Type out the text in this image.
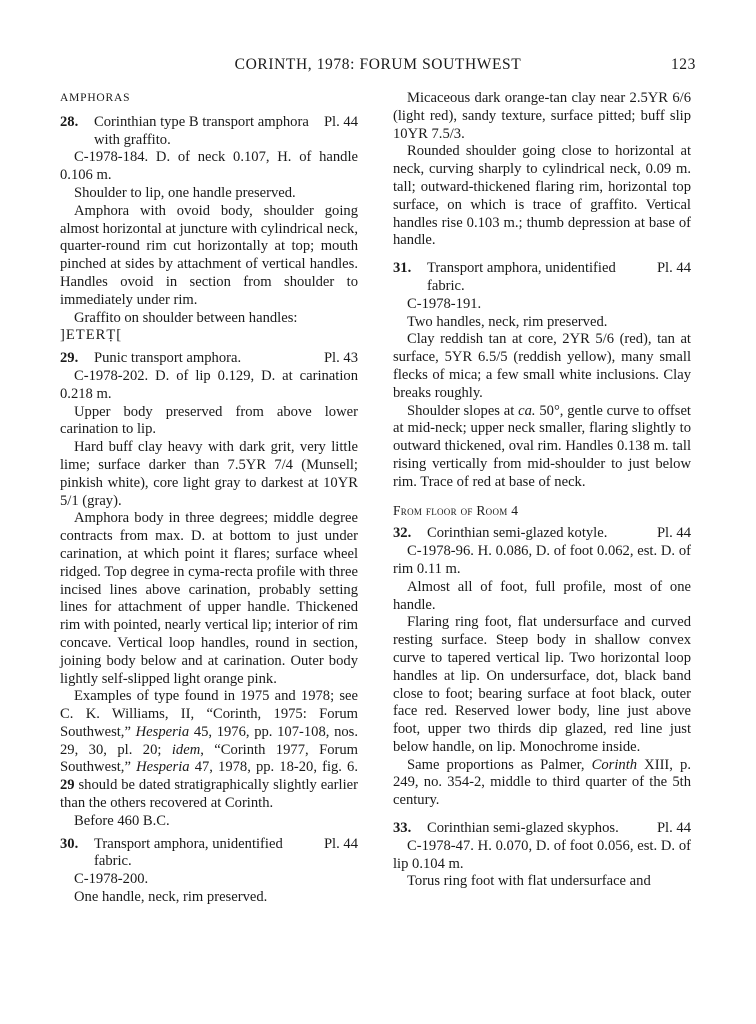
CORINTH, 1978: FORUM SOUTHWEST	123
AMPHORAS
28. Corinthian type B transport amphora with graffito.
Pl. 44

C-1978-184. D. of neck 0.107, H. of handle 0.106 m.

Shoulder to lip, one handle preserved.

Amphora with ovoid body, shoulder going almost horizontal at juncture with cylindrical neck, quarter-round rim cut horizontally at top; mouth pinched at sides by attachment of vertical handles. Handles ovoid in section from shoulder to immediately under rim.

Graffito on shoulder between handles:

]ETERṬ[

29. Punic transport amphora.	Pl. 43

C-1978-202. D. of lip 0.129, D. at carination 0.218 m.

Upper body preserved from above lower carination to lip.

Hard buff clay heavy with dark grit, very little lime; surface darker than 7.5YR 7/4 (Munsell; pinkish white), core light gray to darkest at 10YR 5/1 (gray).

Amphora body in three degrees; middle degree contracts from max. D. at bottom to just under carination, at which point it flares; surface wheel ridged. Top degree in cyma-recta profile with three incised lines above carination, probably setting lines for attachment of upper handle. Thickened rim with pointed, nearly vertical lip; interior of rim concave. Vertical loop handles, round in section, joining body below and at carination. Outer body lightly self-slipped light orange pink.

Examples of type found in 1975 and 1978; see C. K. Williams, II, “Corinth, 1975: Forum Southwest,” Hesperia 45, 1976, pp. 107-108, nos. 29, 30, pl. 20; idem, “Corinth 1977, Forum Southwest,” Hesperia 47, 1978, pp. 18-20, fig. 6. 29 should be dated stratigraphically slightly earlier than the others recovered at Corinth.

Before 460 B.C.

30. Transport amphora, unidentified fabric.
Pl. 44

C-1978-200.

One handle, neck, rim preserved.

Micaceous dark orange-tan clay near 2.5YR 6/6 (light red), sandy texture, surface pitted; buff slip 10YR 7.5/3.

Rounded shoulder going close to horizontal at neck, curving sharply to cylindrical neck, 0.09 m. tall; outward-thickened flaring rim, horizontal top surface, on which is trace of graffito. Vertical handles rise 0.103 m.; thumb depression at base of handle.

31. Transport amphora, unidentified fabric.
Pl. 44

C-1978-191.

Two handles, neck, rim preserved.

Clay reddish tan at core, 2YR 5/6 (red), tan at surface, 5YR 6.5/5 (reddish yellow), many small flecks of mica; a few small white inclusions. Clay breaks roughly.

Shoulder slopes at ca. 50°, gentle curve to offset at mid-neck; upper neck smaller, flaring slightly to outward thickened, oval rim. Handles 0.138 m. tall rising vertically from mid-shoulder to just below rim. Trace of red at base of neck.

From floor of Room 4
32. Corinthian semi-glazed kotyle.	Pl. 44

C-1978-96. H. 0.086, D. of foot 0.062, est. D. of rim 0.11 m.

Almost all of foot, full profile, most of one handle.

Flaring ring foot, flat undersurface and curved resting surface. Steep body in shallow convex curve to tapered vertical lip. Two horizontal loop handles at lip. On undersurface, dot, black band close to foot; bearing surface at foot black, outer face red. Reserved lower body, line just above foot, upper two thirds dip glazed, red line just below handle, on lip. Monochrome inside.

Same proportions as Palmer, Corinth XIII, p. 249, no. 354-2, middle to third quarter of the 5th century.

33. Corinthian semi-glazed skyphos.	Pl. 44

C-1978-47. H. 0.070, D. of foot 0.056, est. D. of lip 0.104 m.

Torus ring foot with flat undersurface and
